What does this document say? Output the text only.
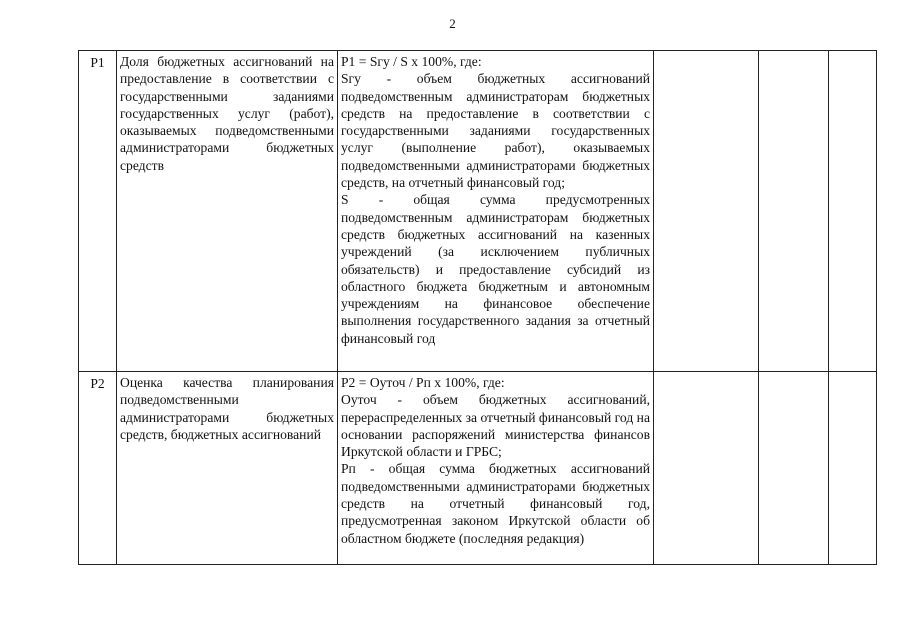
2
P1	Доля бюджетных ассигнований на предоставление в соответствии с государственными заданиями государственных услуг (работ), оказываемых подведомственными администраторами бюджетных средств	P1 = Sгу / S x 100%, где:

Sгу - объем бюджетных ассигнований подведомственным администраторам бюджетных средств на предоставление в соответствии с государственными заданиями государственных услуг (выполнение работ), оказываемых подведомственными администраторами бюджетных средств, на отчетный финансовый год;

S - общая сумма предусмотренных подведомственным администраторам бюджетных средств бюджетных ассигнований на казенных учреждений (за исключением публичных обязательств) и предоставление субсидий из областного бюджета бюджетным и автономным учреждениям на финансовое обеспечение выполнения государственного задания за отчетный финансовый год			

P2	Оценка качества планирования подведомственными администраторами бюджетных средств, бюджетных ассигнований	P2 = Оуточ / Рп x 100%, где:

Оуточ - объем бюджетных ассигнований, перераспределенных за отчетный финансовый год на основании распоряжений министерства финансов Иркутской области и ГРБС;

Рп - общая сумма бюджетных ассигнований подведомственными администраторами бюджетных средств на отчетный финансовый год, предусмотренная законом Иркутской области об областном бюджете (последняя редакция)			
